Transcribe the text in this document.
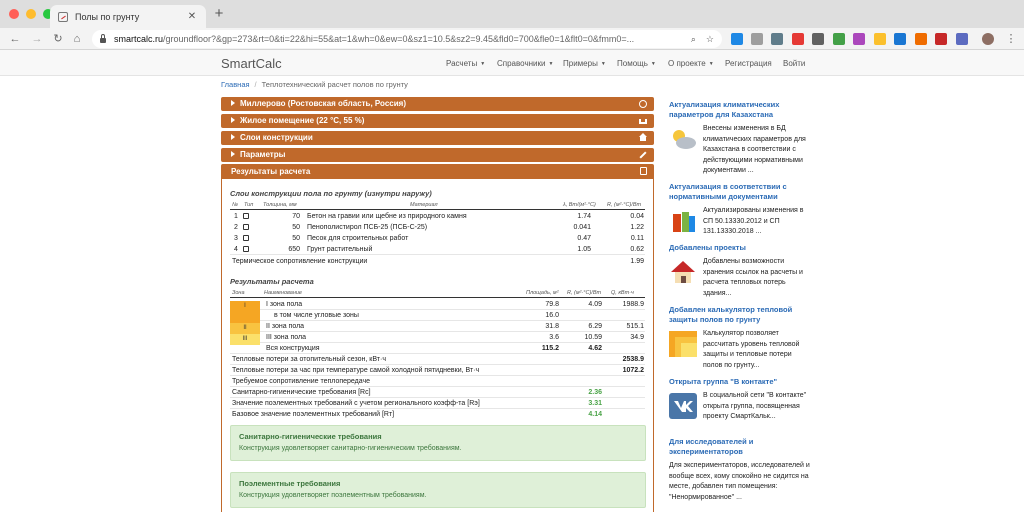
Полы по грунту	✕ +
← → ↻	⌂	smartcalc.ru/groundfloor?&gp=273&rt=0&ti=22&hi=55&at=1&wh=0&ew=0&sz1=10.5&sz2=9.45&fld0=700&fle0=1&flt0=0&fmm0=...	⌕ ☆	⋮
SmartCalc	Расчеты ▼ Справочники ▼ Примеры ▼ Помощь ▼ О проекте ▼ Регистрация Войти
Главная / Теплотехнический расчет полов по грунту
Миллерово (Ростовская область, Россия)
Жилое помещение (22 °C, 55 %)
Слои конструкции
Параметры
Результаты расчета
Слои конструкции пола по грунту (изнутри наружу)
№ Тип Толщина, мм	Материал	λ, Вт/(м²·°С) R, (м²·°С)/Вт
1	70 Бетон на гравии или щебне из природного камня	1.74	0.04
2	50 Пенополистирол ПСБ-25 (ПСБ-С-25)	0.041	1.22
3	50 Песок для строительных работ	0.47	0.11
4	650 Грунт растительный	1.05	0.62
Термическое сопротивление конструкции	1.99
Результаты расчета
Зона	Наименование	Площадь, м² R, (м²·°С)/Вт Q, кВт·ч
I	I зона пола	79.8	4.09	1988.9
в том числе угловые зоны	16.0
II	II зона пола	31.8	6.29	515.1
III	III зона пола	3.6	10.59	34.9
Вся конструкция	115.2	4.62
Тепловые потери за отопительный сезон, кВт·ч	2538.9
Тепловые потери за час при температуре самой холодной пятидневки, Вт·ч	1072.2
Требуемое сопротивление теплопередаче
Санитарно-гигиенические требования [Rс]	2.36
Значение поэлементных требований с учетом регионального коэфф-та [Rэ]	3.31
Базовое значение поэлементных требований [Rт]	4.14
Санитарно-гигиенические требования
Конструкция удовлетворяет санитарно-гигиеническим требованиям.
Поэлементные требования
Конструкция удовлетворяет поэлементным требованиям.
Актуализация климатических параметров для Казахстана
Внесены изменения в БД климатических параметров для Казахстана в соответствии с действующими нормативными документами ...
Актуализация в соответствии с нормативными документами
Актуализированы изменения в СП 50.13330.2012 и СП 131.13330.2018 ...
Добавлены проекты
Добавлены возможности хранения ссылок на расчеты и расчета тепловых потерь здания...
Добавлен калькулятор тепловой защиты полов по грунту
Калькулятор позволяет рассчитать уровень тепловой защиты и тепловые потери полов по грунту...
Открыта группа "В контакте"
В социальной сети "В контакте" открыта группа, посвященная проекту СмартКальк...
Для исследователей и экспериментаторов
Для экспериментаторов, исследователей и вообще всех, кому спокойно не сидится на месте, добавлен тип помещения: "Ненормированное" ...
